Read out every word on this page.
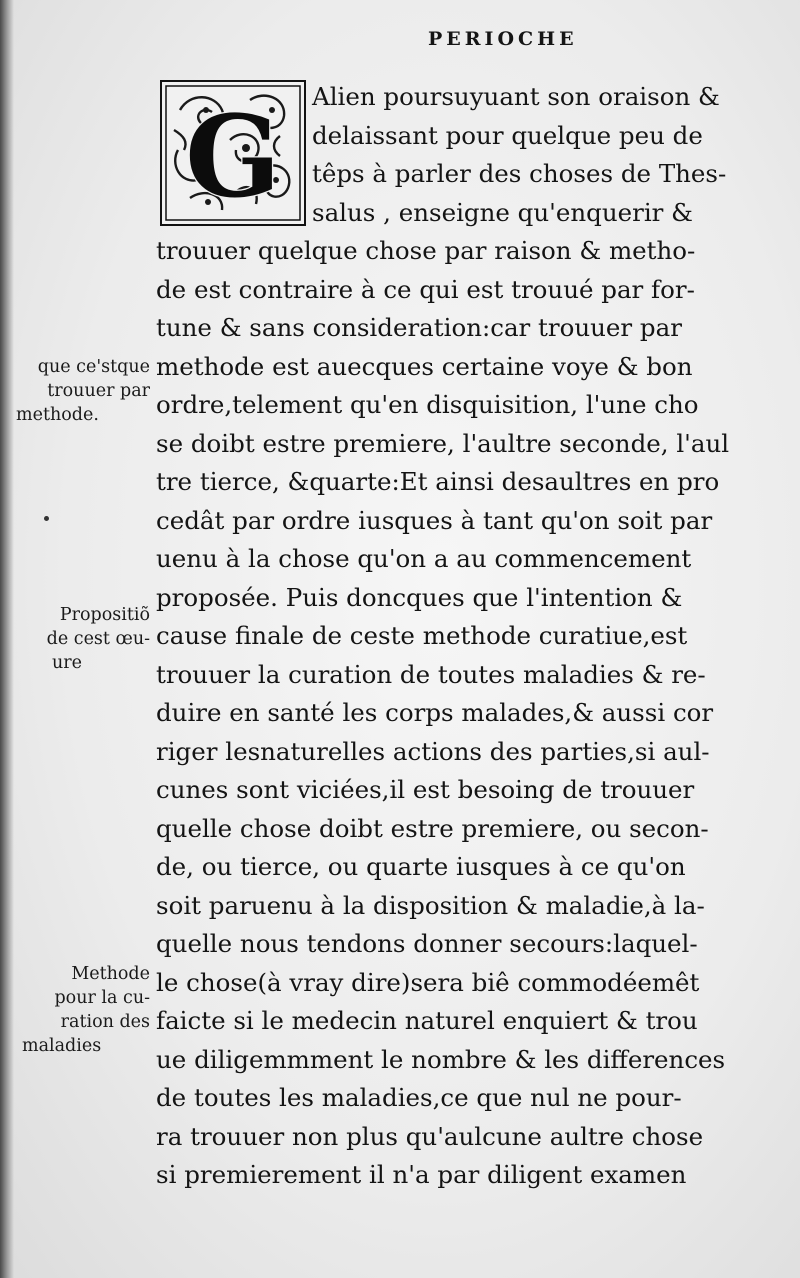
PERIOCHE
G	Alien poursuyuant son oraison &
delaissant pour quelque peu de
têps à parler des choses de Thes-
salus , enseigne qu'enquerir &
trouuer quelque chose par raison & metho-
de est contraire à ce qui est trouué par for-
tune & sans consideration:car trouuer par
methode est auecques certaine voye & bon
ordre,telement qu'en disquisition, l'une cho
se doibt estre premiere, l'aultre seconde, l'aul
tre tierce, &quarte:Et ainsi desaultres en pro
cedât par ordre iusques à tant qu'on soit par
uenu à la chose qu'on a au commencement
proposée. Puis doncques que l'intention &
cause finale de ceste methode curatiue,est
trouuer la curation de toutes maladies & re-
duire en santé les corps malades,& aussi cor
riger lesnaturelles actions des parties,si aul-
cunes sont viciées,il est besoing de trouuer
quelle chose doibt estre premiere, ou secon-
de, ou tierce, ou quarte iusques à ce qu'on
soit paruenu à la disposition & maladie,à la-
quelle nous tendons donner secours:laquel-
le chose(à vray dire)sera biê commodéemêt
faicte si le medecin naturel enquiert & trou
ue diligemmment le nombre & les differences
de toutes les maladies,ce que nul ne pour-
ra trouuer non plus qu'aulcune aultre chose
si premierement il n'a par diligent examen
que ce'stque
trouuer par
methode.
Propositiõ
de cest œu-
ure
Methode
pour la cu-
ration des
maladies
